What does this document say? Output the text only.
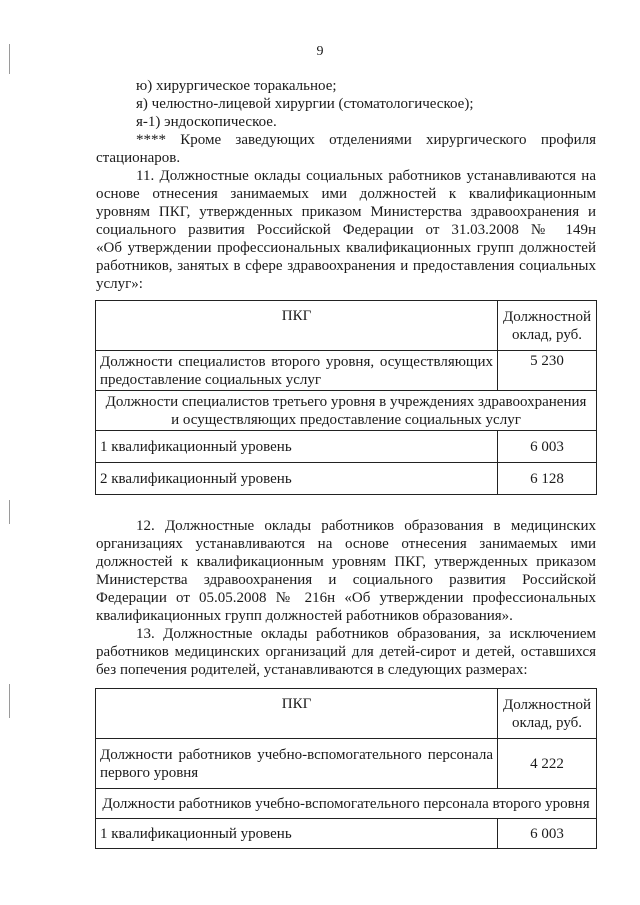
9
ю) хирургическое торакальное;
я) челюстно-лицевой хирургии (стоматологическое);
я-1) эндоскопическое.
**** Кроме заведующих отделениями хирургического профиля
стационаров.
11. Должностные оклады социальных работников устанавливаются на
основе отнесения занимаемых ими должностей к квалификационным
уровням ПКГ, утвержденных приказом Министерства здравоохранения и
социального развития Российской Федерации от 31.03.2008 № 149н
«Об утверждении профессиональных квалификационных групп должностей
работников, занятых в сфере здравоохранения и предоставления социальных
услуг»:
ПКГ	Должностной
оклад, руб.

Должности специалистов второго уровня, осуществляющих предоставление социальных услуг	5 230
Должности специалистов третьего уровня в учреждениях здравоохранения и осуществляющих предоставление социальных услуг	
1 квалификационный уровень	6 003
2 квалификационный уровень	6 128
12. Должностные оклады работников образования в медицинских
организациях устанавливаются на основе отнесения занимаемых ими
должностей к квалификационным уровням ПКГ, утвержденных приказом
Министерства здравоохранения и социального развития Российской
Федерации от 05.05.2008 № 216н «Об утверждении профессиональных
квалификационных групп должностей работников образования».
13. Должностные оклады работников образования, за исключением
работников медицинских организаций для детей-сирот и детей, оставшихся
без попечения родителей, устанавливаются в следующих размерах:
ПКГ	Должностной
оклад, руб.

Должности работников учебно-вспомогательного персонала первого уровня	4 222
Должности работников учебно-вспомогательного персонала второго уровня	
1 квалификационный уровень	6 003
